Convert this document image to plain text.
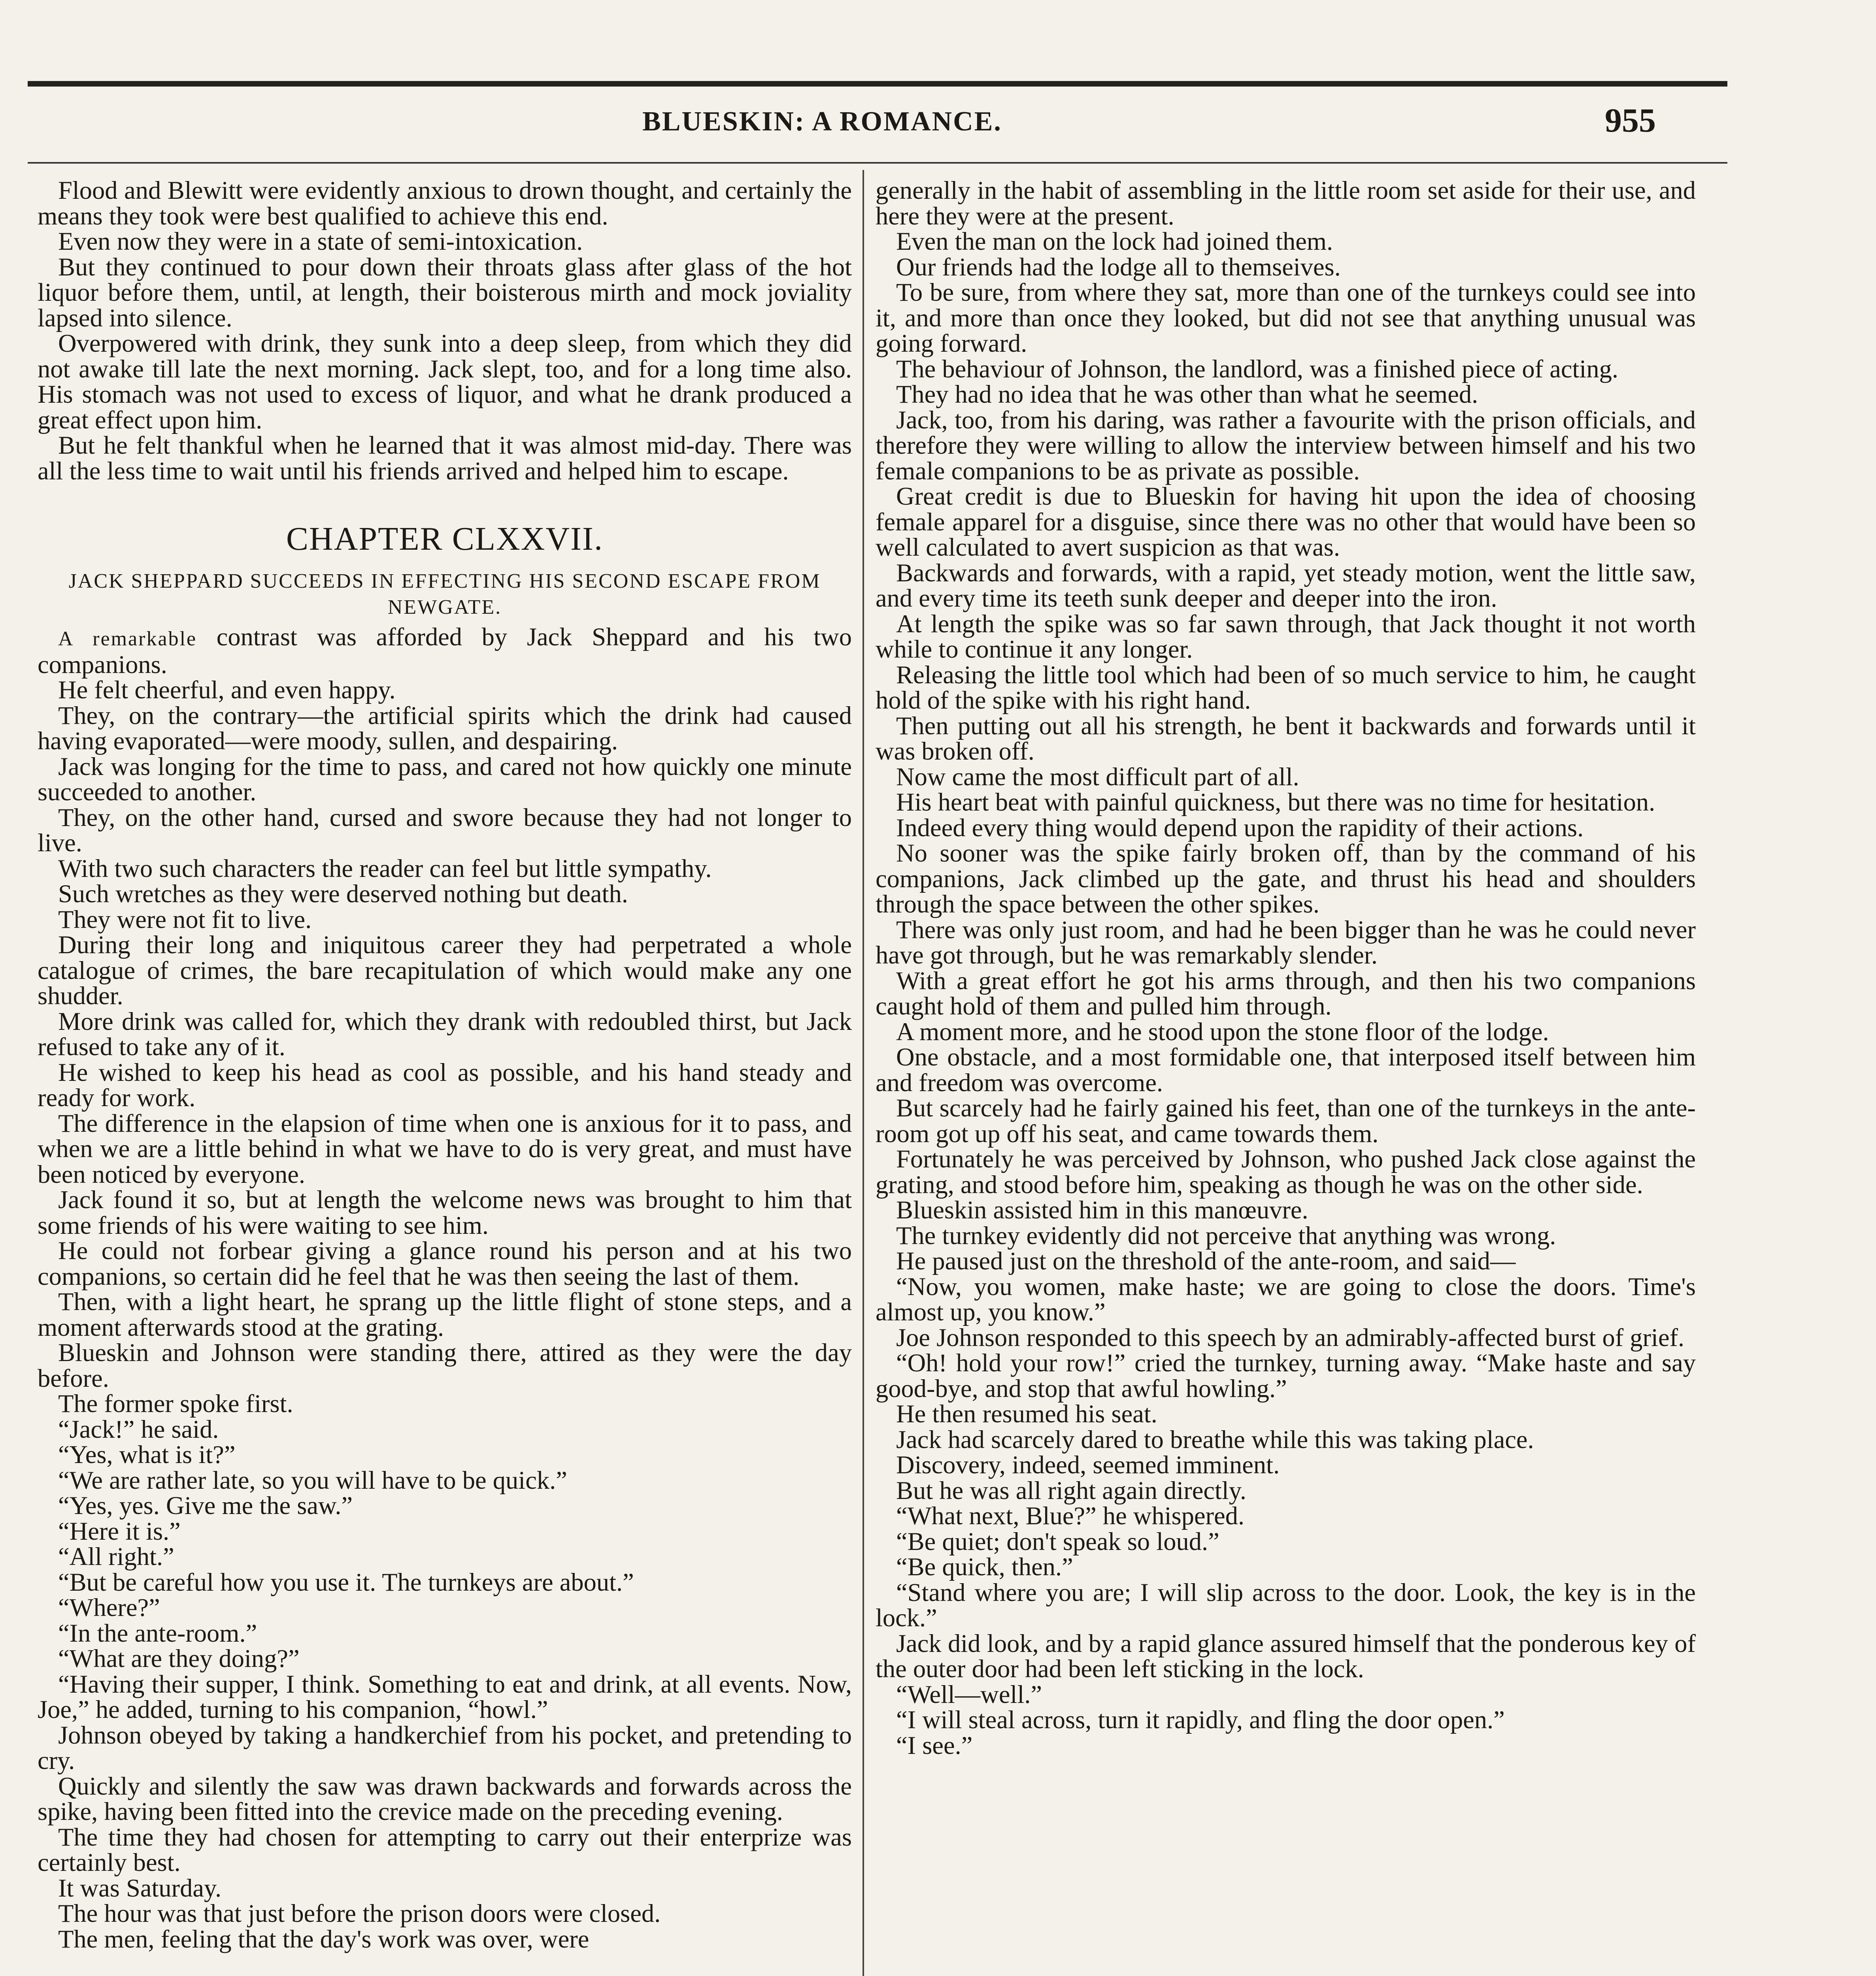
BLUESKIN: A ROMANCE.	955

Flood and Blewitt were evidently anxious to drown thought, and certainly the means they took were best qualified to achieve this end.

Even now they were in a state of semi-intoxication.

But they continued to pour down their throats glass after glass of the hot liquor before them, until, at length, their boisterous mirth and mock joviality lapsed into silence.

Overpowered with drink, they sunk into a deep sleep, from which they did not awake till late the next morning. Jack slept, too, and for a long time also. His stomach was not used to excess of liquor, and what he drank produced a great effect upon him.

But he felt thankful when he learned that it was almost mid-day. There was all the less time to wait until his friends arrived and helped him to escape.

CHAPTER CLXXVII.
JACK SHEPPARD SUCCEEDS IN EFFECTING HIS SECOND ESCAPE FROM NEWGATE.

A remarkable contrast was afforded by Jack Sheppard and his two companions.

He felt cheerful, and even happy.

They, on the contrary—the artificial spirits which the drink had caused having evaporated—were moody, sullen, and despairing.

Jack was longing for the time to pass, and cared not how quickly one minute succeeded to another.

They, on the other hand, cursed and swore because they had not longer to live.

With two such characters the reader can feel but little sympathy.

Such wretches as they were deserved nothing but death.

They were not fit to live.

During their long and iniquitous career they had perpetrated a whole catalogue of crimes, the bare recapitulation of which would make any one shudder.

More drink was called for, which they drank with redoubled thirst, but Jack refused to take any of it.

He wished to keep his head as cool as possible, and his hand steady and ready for work.

The difference in the elapsion of time when one is anxious for it to pass, and when we are a little behind in what we have to do is very great, and must have been noticed by everyone.

Jack found it so, but at length the welcome news was brought to him that some friends of his were waiting to see him.

He could not forbear giving a glance round his person and at his two companions, so certain did he feel that he was then seeing the last of them.

Then, with a light heart, he sprang up the little flight of stone steps, and a moment afterwards stood at the grating.

Blueskin and Johnson were standing there, attired as they were the day before.

The former spoke first.

“Jack!” he said.

“Yes, what is it?”

“We are rather late, so you will have to be quick.”

“Yes, yes. Give me the saw.”

“Here it is.”

“All right.”

“But be careful how you use it. The turnkeys are about.”

“Where?”

“In the ante-room.”

“What are they doing?”

“Having their supper, I think. Something to eat and drink, at all events. Now, Joe,” he added, turning to his companion, “howl.”

Johnson obeyed by taking a handkerchief from his pocket, and pretending to cry.

Quickly and silently the saw was drawn backwards and forwards across the spike, having been fitted into the crevice made on the preceding evening.

The time they had chosen for attempting to carry out their enterprize was certainly best.

It was Saturday.

The hour was that just before the prison doors were closed.

The men, feeling that the day's work was over, were

generally in the habit of assembling in the little room set aside for their use, and here they were at the present.

Even the man on the lock had joined them.

Our friends had the lodge all to themseives.

To be sure, from where they sat, more than one of the turnkeys could see into it, and more than once they looked, but did not see that anything unusual was going forward.

The behaviour of Johnson, the landlord, was a finished piece of acting.

They had no idea that he was other than what he seemed.

Jack, too, from his daring, was rather a favourite with the prison officials, and therefore they were willing to allow the interview between himself and his two female companions to be as private as possible.

Great credit is due to Blueskin for having hit upon the idea of choosing female apparel for a disguise, since there was no other that would have been so well calculated to avert suspicion as that was.

Backwards and forwards, with a rapid, yet steady motion, went the little saw, and every time its teeth sunk deeper and deeper into the iron.

At length the spike was so far sawn through, that Jack thought it not worth while to continue it any longer.

Releasing the little tool which had been of so much service to him, he caught hold of the spike with his right hand.

Then putting out all his strength, he bent it backwards and forwards until it was broken off.

Now came the most difficult part of all.

His heart beat with painful quickness, but there was no time for hesitation.

Indeed every thing would depend upon the rapidity of their actions.

No sooner was the spike fairly broken off, than by the command of his companions, Jack climbed up the gate, and thrust his head and shoulders through the space between the other spikes.

There was only just room, and had he been bigger than he was he could never have got through, but he was remarkably slender.

With a great effort he got his arms through, and then his two companions caught hold of them and pulled him through.

A moment more, and he stood upon the stone floor of the lodge.

One obstacle, and a most formidable one, that interposed itself between him and freedom was overcome.

But scarcely had he fairly gained his feet, than one of the turnkeys in the ante-room got up off his seat, and came towards them.

Fortunately he was perceived by Johnson, who pushed Jack close against the grating, and stood before him, speaking as though he was on the other side.

Blueskin assisted him in this manœuvre.

The turnkey evidently did not perceive that anything was wrong.

He paused just on the threshold of the ante-room, and said—

“Now, you women, make haste; we are going to close the doors. Time's almost up, you know.”

Joe Johnson responded to this speech by an admirably-affected burst of grief.

“Oh! hold your row!” cried the turnkey, turning away. “Make haste and say good-bye, and stop that awful howling.”

He then resumed his seat.

Jack had scarcely dared to breathe while this was taking place.

Discovery, indeed, seemed imminent.

But he was all right again directly.

“What next, Blue?” he whispered.

“Be quiet; don't speak so loud.”

“Be quick, then.”

“Stand where you are; I will slip across to the door. Look, the key is in the lock.”

Jack did look, and by a rapid glance assured himself that the ponderous key of the outer door had been left sticking in the lock.

“Well—well.”

“I will steal across, turn it rapidly, and fling the door open.”

“I see.”
